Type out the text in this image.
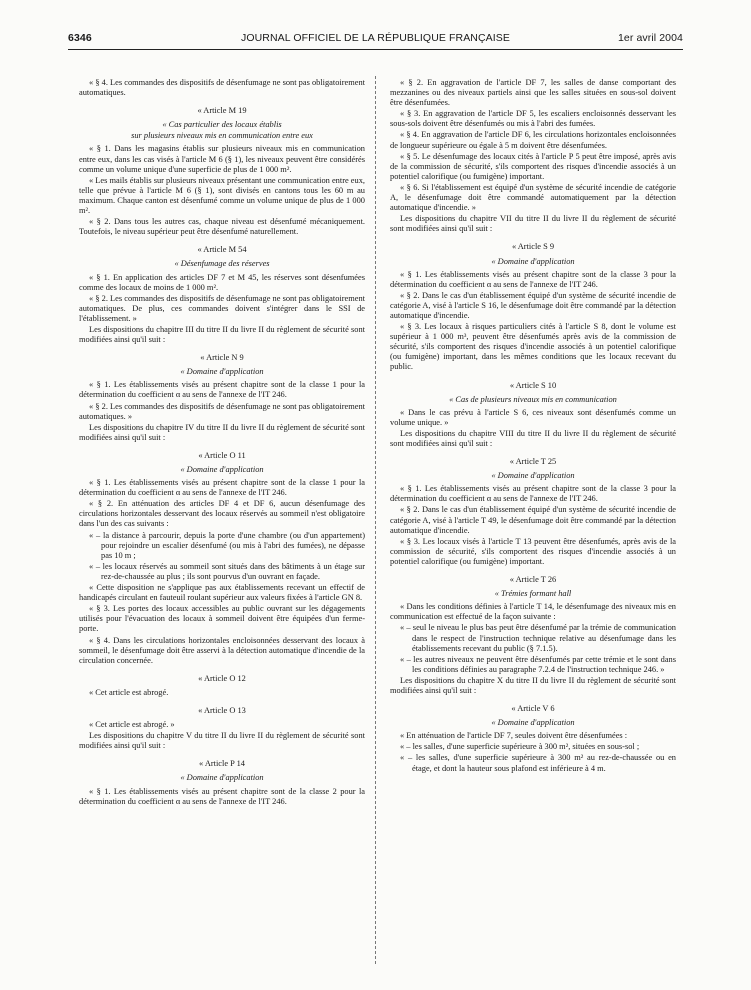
6346	JOURNAL OFFICIEL DE LA RÉPUBLIQUE FRANÇAISE	1er avril 2004

« § 4. Les commandes des dispositifs de désenfumage ne sont pas obligatoirement automatiques.

« Article M 19

« Cas particulier des locaux établis

sur plusieurs niveaux mis en communication entre eux

« § 1. Dans les magasins établis sur plusieurs niveaux mis en communication entre eux, dans les cas visés à l'article M 6 (§ 1), les niveaux peuvent être considérés comme un volume unique d'une superficie de plus de 1 000 m².

« Les mails établis sur plusieurs niveaux présentant une communication entre eux, telle que prévue à l'article M 6 (§ 1), sont divisés en cantons tous les 60 m au maximum. Chaque canton est désenfumé comme un volume unique de plus de 1 000 m².

« § 2. Dans tous les autres cas, chaque niveau est désenfumé mécaniquement. Toutefois, le niveau supérieur peut être désenfumé naturellement.

« Article M 54

« Désenfumage des réserves

« § 1. En application des articles DF 7 et M 45, les réserves sont désenfumées comme des locaux de moins de 1 000 m².

« § 2. Les commandes des dispositifs de désenfumage ne sont pas obligatoirement automatiques. De plus, ces commandes doivent s'intégrer dans le SSI de l'établissement. »

Les dispositions du chapitre III du titre II du livre II du règlement de sécurité sont modifiées ainsi qu'il suit :

« Article N 9

« Domaine d'application

« § 1. Les établissements visés au présent chapitre sont de la classe 1 pour la détermination du coefficient α au sens de l'annexe de l'IT 246.

« § 2. Les commandes des dispositifs de désenfumage ne sont pas obligatoirement automatiques. »

Les dispositions du chapitre IV du titre II du livre II du règlement de sécurité sont modifiées ainsi qu'il suit :

« Article O 11

« Domaine d'application

« § 1. Les établissements visés au présent chapitre sont de la classe 1 pour la détermination du coefficient α au sens de l'annexe de l'IT 246.

« § 2. En atténuation des articles DF 4 et DF 6, aucun désenfumage des circulations horizontales desservant des locaux réservés au sommeil n'est obligatoire dans l'un des cas suivants :

« – la distance à parcourir, depuis la porte d'une chambre (ou d'un appartement) pour rejoindre un escalier désenfumé (ou mis à l'abri des fumées), ne dépasse pas 10 m ;

« – les locaux réservés au sommeil sont situés dans des bâtiments à un étage sur rez-de-chaussée au plus ; ils sont pourvus d'un ouvrant en façade.

« Cette disposition ne s'applique pas aux établissements recevant un effectif de handicapés circulant en fauteuil roulant supérieur aux valeurs fixées à l'article GN 8.

« § 3. Les portes des locaux accessibles au public ouvrant sur les dégagements utilisés pour l'évacuation des locaux à sommeil doivent être équipées d'un ferme-porte.

« § 4. Dans les circulations horizontales encloisonnées desservant des locaux à sommeil, le désenfumage doit être asservi à la détection automatique d'incendie de la circulation concernée.

« Article O 12

« Cet article est abrogé.

« Article O 13

« Cet article est abrogé. »

Les dispositions du chapitre V du titre II du livre II du règlement de sécurité sont modifiées ainsi qu'il suit :

« Article P 14

« Domaine d'application

« § 1. Les établissements visés au présent chapitre sont de la classe 2 pour la détermination du coefficient α au sens de l'annexe de l'IT 246.

« § 2. En aggravation de l'article DF 7, les salles de danse comportant des mezzanines ou des niveaux partiels ainsi que les salles situées en sous-sol doivent être désenfumées.

« § 3. En aggravation de l'article DF 5, les escaliers encloisonnés desservant les sous-sols doivent être désenfumés ou mis à l'abri des fumées.

« § 4. En aggravation de l'article DF 6, les circulations horizontales encloisonnées de longueur supérieure ou égale à 5 m doivent être désenfumées.

« § 5. Le désenfumage des locaux cités à l'article P 5 peut être imposé, après avis de la commission de sécurité, s'ils comportent des risques d'incendie associés à un potentiel calorifique (ou fumigène) important.

« § 6. Si l'établissement est équipé d'un système de sécurité incendie de catégorie A, le désenfumage doit être commandé automatiquement par la détection automatique d'incendie. »

Les dispositions du chapitre VII du titre II du livre II du règlement de sécurité sont modifiées ainsi qu'il suit :

« Article S 9

« Domaine d'application

« § 1. Les établissements visés au présent chapitre sont de la classe 3 pour la détermination du coefficient α au sens de l'annexe de l'IT 246.

« § 2. Dans le cas d'un établissement équipé d'un système de sécurité incendie de catégorie A, visé à l'article S 16, le désenfumage doit être commandé par la détection automatique d'incendie.

« § 3. Les locaux à risques particuliers cités à l'article S 8, dont le volume est supérieur à 1 000 m³, peuvent être désenfumés après avis de la commission de sécurité, s'ils comportent des risques d'incendie associés à un potentiel calorifique (ou fumigène) important, dans les mêmes conditions que les locaux recevant du public.

« Article S 10

« Cas de plusieurs niveaux mis en communication

« Dans le cas prévu à l'article S 6, ces niveaux sont désenfumés comme un volume unique. »

Les dispositions du chapitre VIII du titre II du livre II du règlement de sécurité sont modifiées ainsi qu'il suit :

« Article T 25

« Domaine d'application

« § 1. Les établissements visés au présent chapitre sont de la classe 3 pour la détermination du coefficient α au sens de l'annexe de l'IT 246.

« § 2. Dans le cas d'un établissement équipé d'un système de sécurité incendie de catégorie A, visé à l'article T 49, le désenfumage doit être commandé par la détection automatique d'incendie.

« § 3. Les locaux visés à l'article T 13 peuvent être désenfumés, après avis de la commission de sécurité, s'ils comportent des risques d'incendie associés à un potentiel calorifique (ou fumigène) important.

« Article T 26

« Trémies formant hall

« Dans les conditions définies à l'article T 14, le désenfumage des niveaux mis en communication est effectué de la façon suivante :

« – seul le niveau le plus bas peut être désenfumé par la trémie de communication dans le respect de l'instruction technique relative au désenfumage dans les établissements recevant du public (§ 7.1.5).

« – les autres niveaux ne peuvent être désenfumés par cette trémie et le sont dans les conditions définies au paragraphe 7.2.4 de l'instruction technique 246. »

Les dispositions du chapitre X du titre II du livre II du règlement de sécurité sont modifiées ainsi qu'il suit :

« Article V 6

« Domaine d'application

« En atténuation de l'article DF 7, seules doivent être désenfumées :

« – les salles, d'une superficie supérieure à 300 m², situées en sous-sol ;

« – les salles, d'une superficie supérieure à 300 m² au rez-de-chaussée ou en étage, et dont la hauteur sous plafond est inférieure à 4 m.
